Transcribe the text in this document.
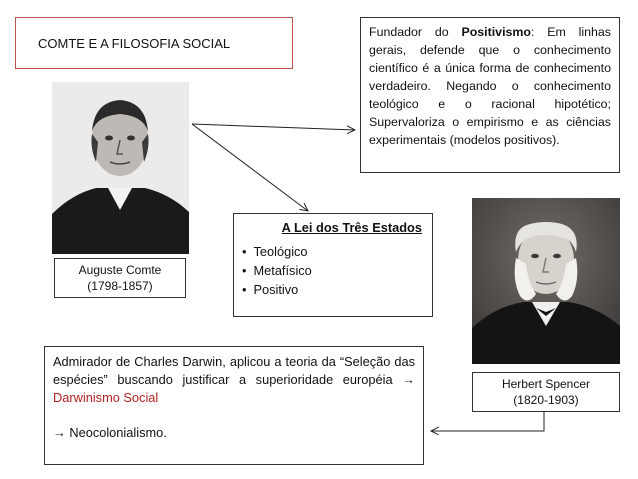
COMTE E A FILOSOFIA SOCIAL
Fundador do Positivismo: Em linhas gerais, defende que o conhecimento científico é a única forma de conhecimento verdadeiro. Negando o conhecimento teológico e o racional hipotético; Supervaloriza o empirismo e as ciências experimentais (modelos positivos).
Auguste Comte
(1798-1857)
A Lei dos Três Estados
• Teológico
• Metafísico
• Positivo
Herbert Spencer
(1820-1903)
Admirador de Charles Darwin, aplicou a teoria da “Seleção das espécies” buscando justificar a superioridade européia → Darwinismo Social
→ Neocolonialismo.
